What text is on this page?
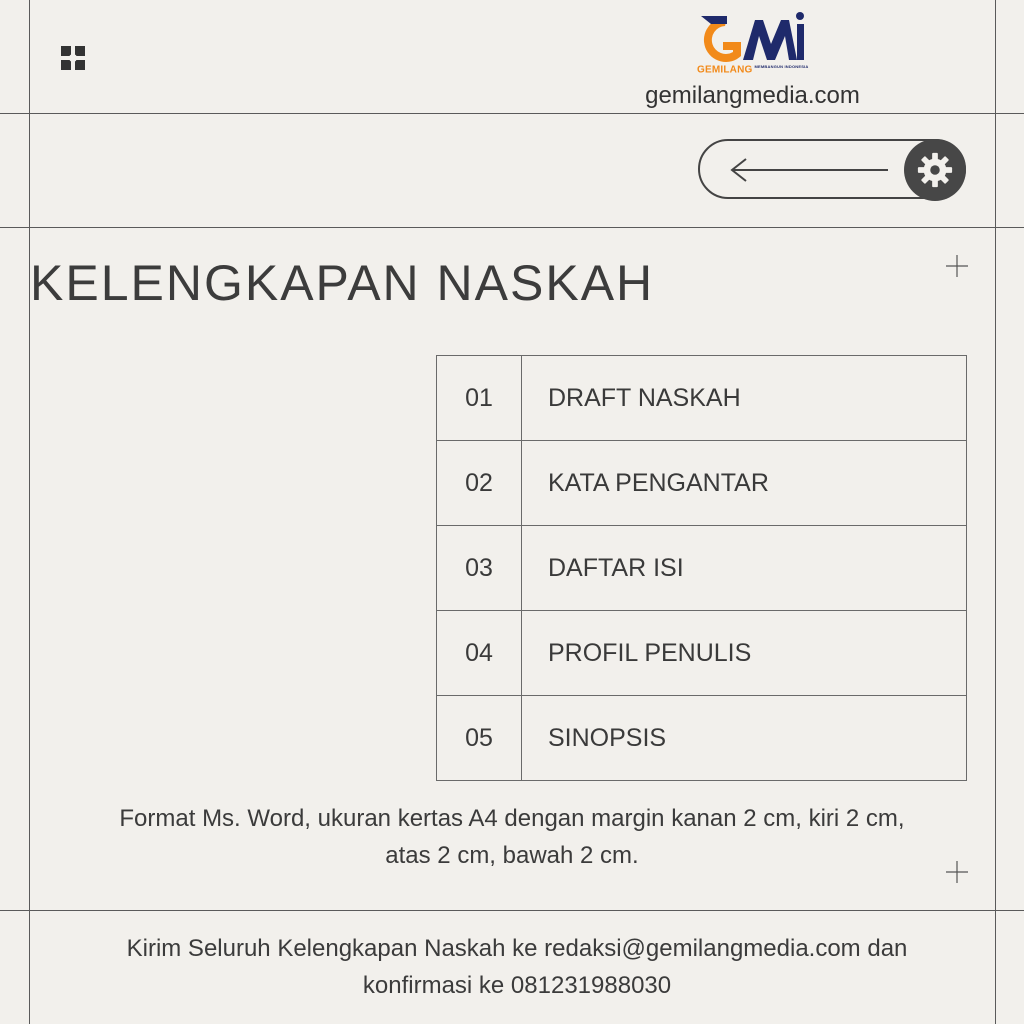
GEMILANG $^{MEMBANGUN INDONESIA}$
gemilangmedia.com
KELENGKAPAN NASKAH
01	DRAFT NASKAH
02	KATA PENGANTAR
03	DAFTAR ISI
04	PROFIL PENULIS
05	SINOPSIS
Format Ms. Word, ukuran kertas A4 dengan margin kanan 2 cm, kiri 2 cm,
atas 2 cm, bawah 2 cm.
Kirim Seluruh Kelengkapan Naskah ke redaksi@gemilangmedia.com dan
konfirmasi ke 081231988030
